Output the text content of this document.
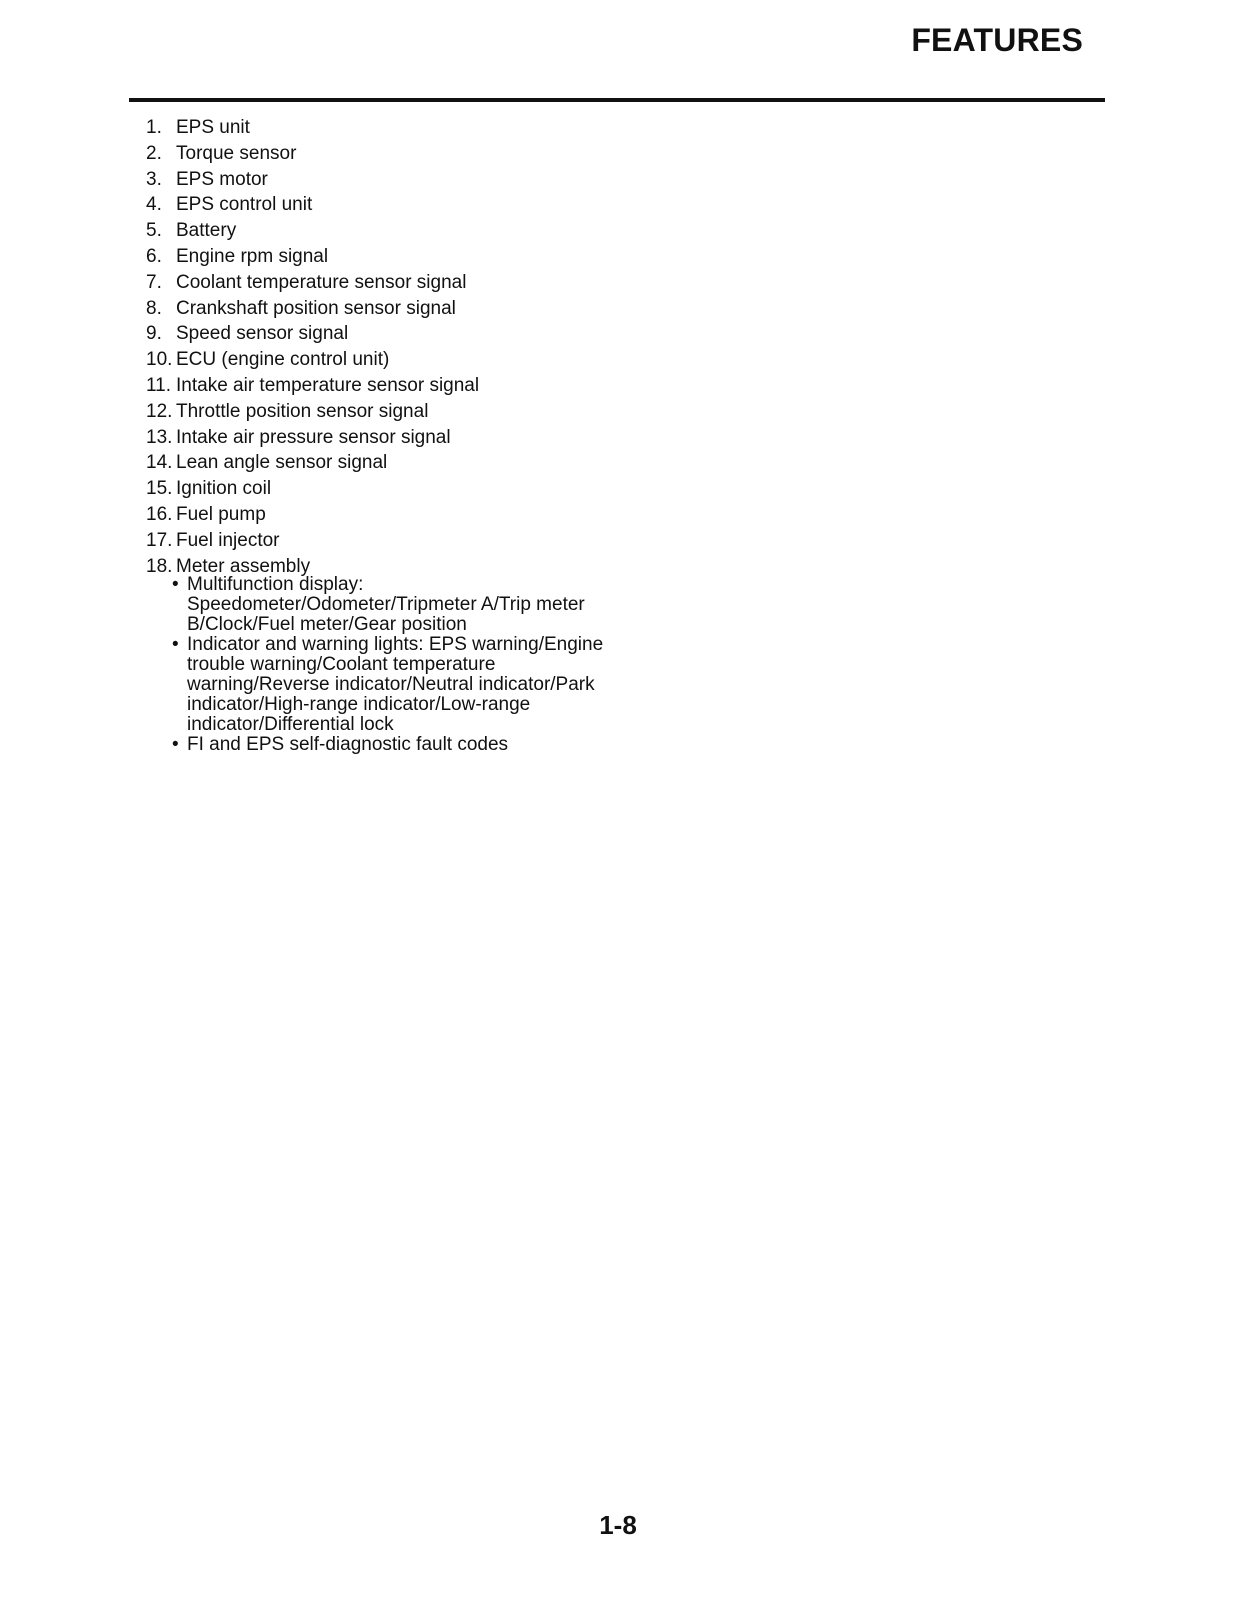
FEATURES
1. EPS unit
2. Torque sensor
3. EPS motor
4. EPS control unit
5. Battery
6. Engine rpm signal
7. Coolant temperature sensor signal
8. Crankshaft position sensor signal
9. Speed sensor signal
10. ECU (engine control unit)
11. Intake air temperature sensor signal
12. Throttle position sensor signal
13. Intake air pressure sensor signal
14. Lean angle sensor signal
15. Ignition coil
16. Fuel pump
17. Fuel injector
18. Meter assembly
• Multifunction display: Speedometer/Odometer/Tripmeter A/Trip meter B/Clock/Fuel meter/Gear position
• Indicator and warning lights: EPS warning/Engine trouble warning/Coolant temperature warning/Reverse indicator/Neutral indicator/Park indicator/High-range indicator/Low-range indicator/Differential lock
• FI and EPS self-diagnostic fault codes
1-8
